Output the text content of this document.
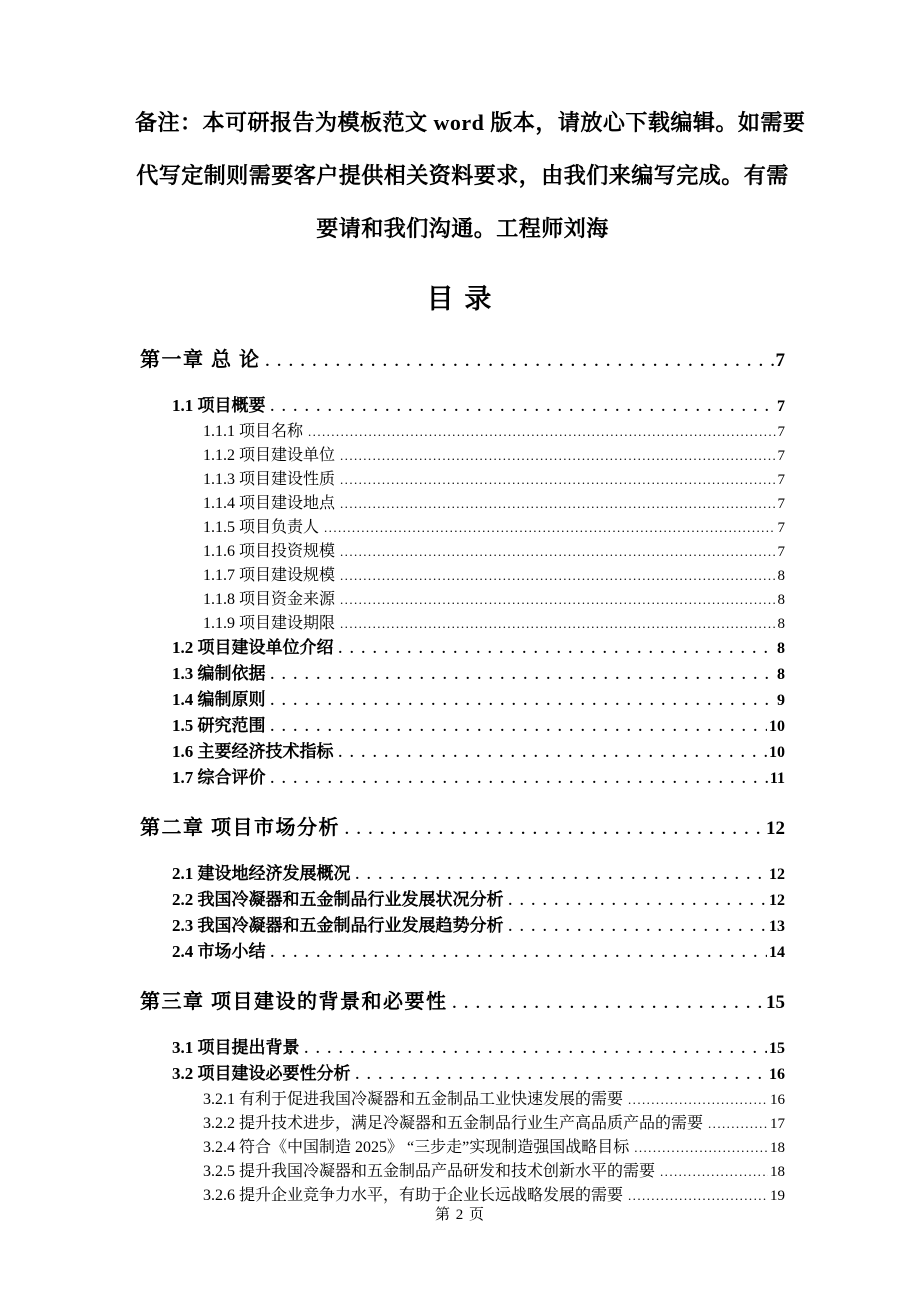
备注：本可研报告为模板范文 word 版本，请放心下载编辑。如需要
代写定制则需要客户提供相关资料要求，由我们来编写完成。有需
要请和我们沟通。工程师刘海
目 录
第一章 总 论 .....	7
1.1 项目概要 .....	7
1.1.1 项目名称 .....	7
1.1.2 项目建设单位 .....	7
1.1.3 项目建设性质 .....	7
1.1.4 项目建设地点 .....	7
1.1.5 项目负责人 .....	7
1.1.6 项目投资规模 .....	7
1.1.7 项目建设规模 .....	8
1.1.8 项目资金来源 .....	8
1.1.9 项目建设期限 .....	8
1.2 项目建设单位介绍 .....	8
1.3 编制依据 .....	8
1.4 编制原则 .....	9
1.5 研究范围 .....	10
1.6 主要经济技术指标 .....	10
1.7 综合评价 .....	11
第二章 项目市场分析 .....	12
2.1 建设地经济发展概况 .....	12
2.2 我国冷凝器和五金制品行业发展状况分析 .....	12
2.3 我国冷凝器和五金制品行业发展趋势分析 .....	13
2.4 市场小结 .....	14
第三章 项目建设的背景和必要性 .....	15
3.1 项目提出背景 .....	15
3.2 项目建设必要性分析 .....	16
3.2.1 有利于促进我国冷凝器和五金制品工业快速发展的需要 .....	16
3.2.2 提升技术进步，满足冷凝器和五金制品行业生产高品质产品的需要 .....	17
3.2.4 符合《中国制造 2025》 “三步走”实现制造强国战略目标 .....	18
3.2.5 提升我国冷凝器和五金制品产品研发和技术创新水平的需要 .....	18
3.2.6 提升企业竞争力水平，有助于企业长远战略发展的需要 .....	19
第 2 页
